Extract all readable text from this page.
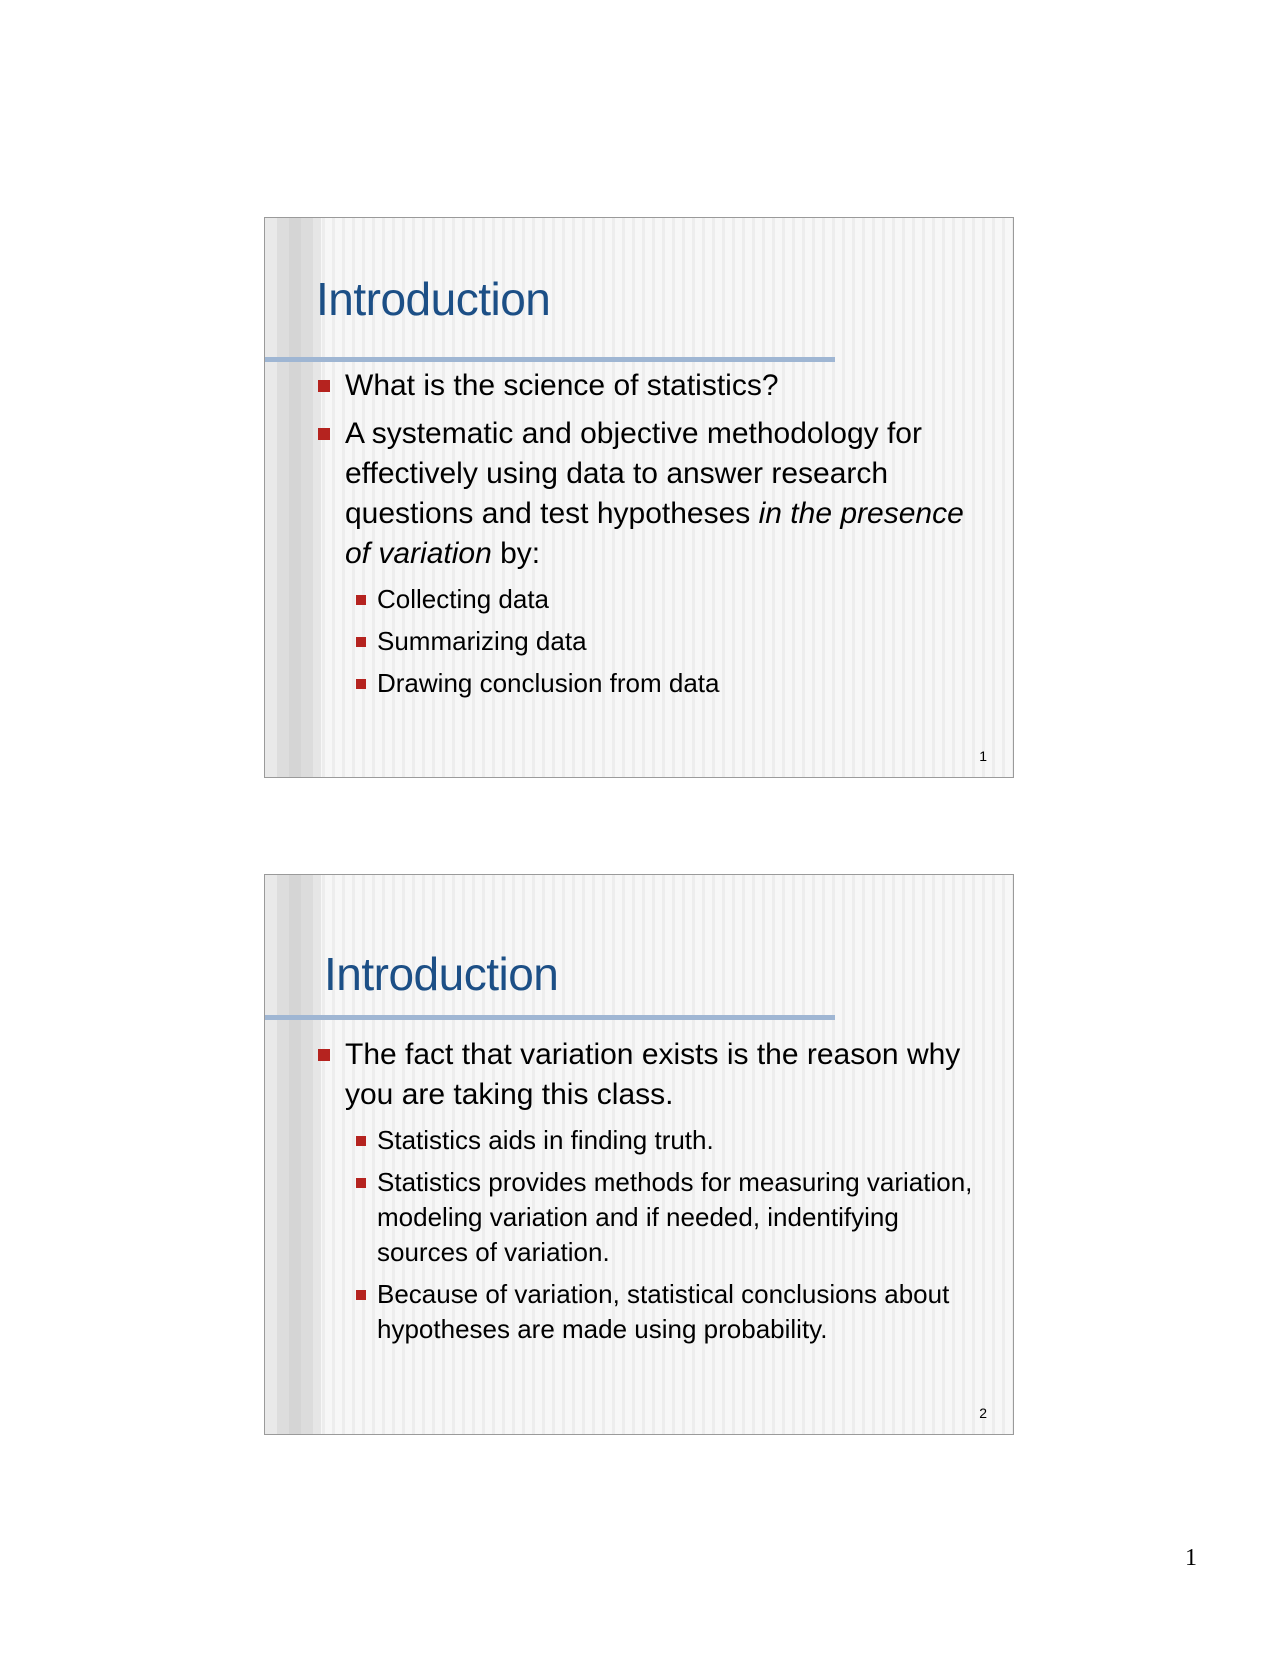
Introduction
What is the science of statistics?
A systematic and objective methodology for effectively using data to answer research questions and test hypotheses in the presence of variation by:
Collecting data
Summarizing data
Drawing conclusion from data
1
Introduction
The fact that variation exists is the reason why you are taking this class.
Statistics aids in finding truth.
Statistics provides methods for measuring variation, modeling variation and if needed, indentifying sources of variation.
Because of variation, statistical conclusions about hypotheses are made using probability.
2
1
